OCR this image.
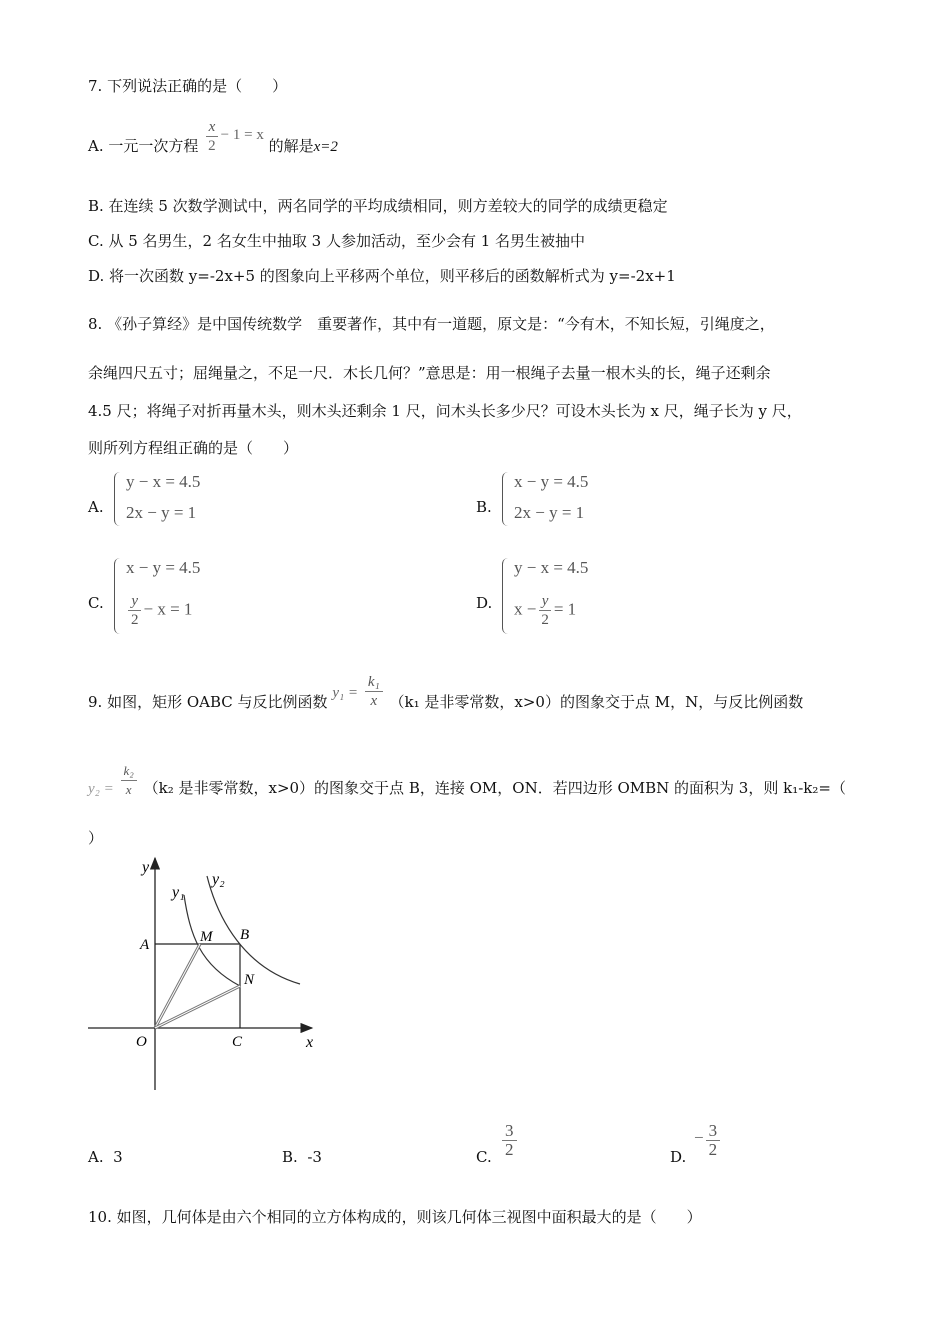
7. 下列说法正确的是（　　）
A. 一元一次方程 $\frac{x}{2} - 1 = x$ 的解是x=2
B. 在连续 5 次数学测试中，两名同学的平均成绩相同，则方差较大的同学的成绩更稳定
C. 从 5 名男生，2 名女生中抽取 3 人参加活动，至少会有 1 名男生被抽中
D. 将一次函数 y=-2x+5 的图象向上平移两个单位，则平移后的函数解析式为 y=-2x+1
8. 《孙子算经》是中国传统数学　重要著作，其中有一道题，原文是：“今有木，不知长短，引绳度之，
余绳四尺五寸；屈绳量之，不足一尺．木长几何？”意思是：用一根绳子去量一根木头的长，绳子还剩余
4.5 尺；将绳子对折再量木头，则木头还剩余 1 尺，问木头长多少尺？可设木头长为 x 尺，绳子长为 y 尺，
则所列方程组正确的是（　　）
A.
y − x = 4.5
2x − y = 1	B.
x − y = 4.5
2x − y = 1
C.
x − y = 4.5
$\frac{y}{2} - x = 1$	D.
y − x = 4.5
$x - \frac{y}{2} = 1$
9. 如图，矩形 OABC 与反比例函数 $y_1 = \frac{\text{k₁}}{x} (k_1$ 是非零常数，x>0）的图象交于点 M，N，与反比例函数
$y_2 = \frac{\text{k₂}}{x} (k_2$ 是非零常数，x>0）的图象交于点 B，连接 OM，ON．若四边形 OMBN 的面积为 3，则 k₁-k₂=（
）
y
x
O
A
B
C
M
N
y₁
y₂
A. 3	B. -3	C. $\frac{3}{2}$	D.
− $\frac{3}{2}$
10. 如图，几何体是由六个相同的立方体构成的，则该几何体三视图中面积最大的是（　　）
